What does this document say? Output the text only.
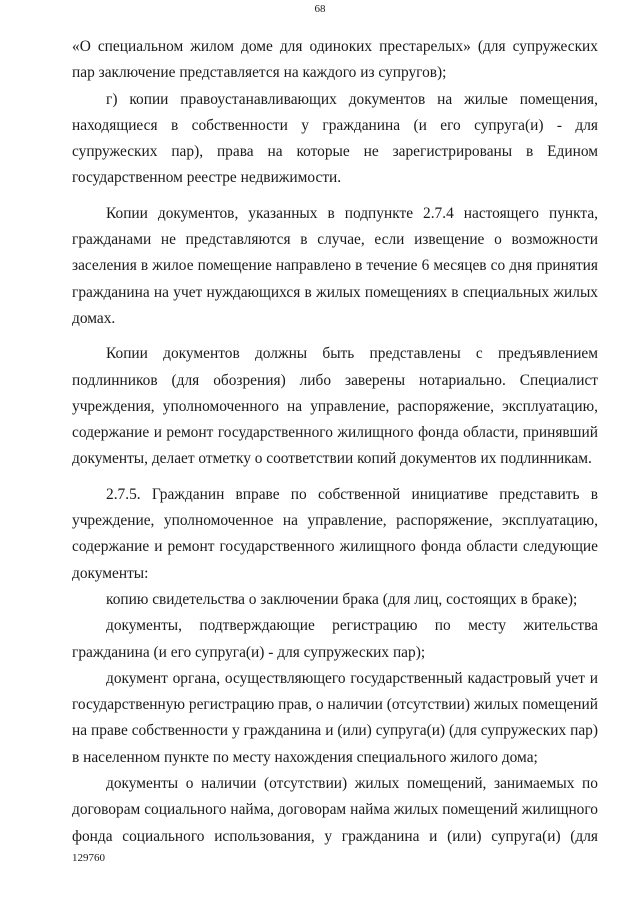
68

«О специальном жилом доме для одиноких престарелых» (для супружеских пар заключение представляется на каждого из супругов);

г) копии правоустанавливающих документов на жилые помещения, находящиеся в собственности у гражданина (и его супруга(и) - для супружеских пар), права на которые не зарегистрированы в Едином государственном реестре недвижимости.

Копии документов, указанных в подпункте 2.7.4 настоящего пункта, гражданами не представляются в случае, если извещение о возможности заселения в жилое помещение направлено в течение 6 месяцев со дня принятия гражданина на учет нуждающихся в жилых помещениях в специальных жилых домах.

Копии документов должны быть представлены с предъявлением подлинников (для обозрения) либо заверены нотариально. Специалист учреждения, уполномоченного на управление, распоряжение, эксплуатацию, содержание и ремонт государственного жилищного фонда области, принявший документы, делает отметку о соответствии копий документов их подлинникам.

2.7.5. Гражданин вправе по собственной инициативе представить в учреждение, уполномоченное на управление, распоряжение, эксплуатацию, содержание и ремонт государственного жилищного фонда области следующие документы:

копию свидетельства о заключении брака (для лиц, состоящих в браке);

документы, подтверждающие регистрацию по месту жительства гражданина (и его супруга(и) - для супружеских пар);

документ органа, осуществляющего государственный кадастровый учет и государственную регистрацию прав, о наличии (отсутствии) жилых помещений на праве собственности у гражданина и (или) супруга(и) (для супружеских пар) в населенном пункте по месту нахождения специального жилого дома;

документы о наличии (отсутствии) жилых помещений, занимаемых по договорам социального найма, договорам найма жилых помещений жилищного фонда социального использования, у гражданина и (или) супруга(и) (для

129760
